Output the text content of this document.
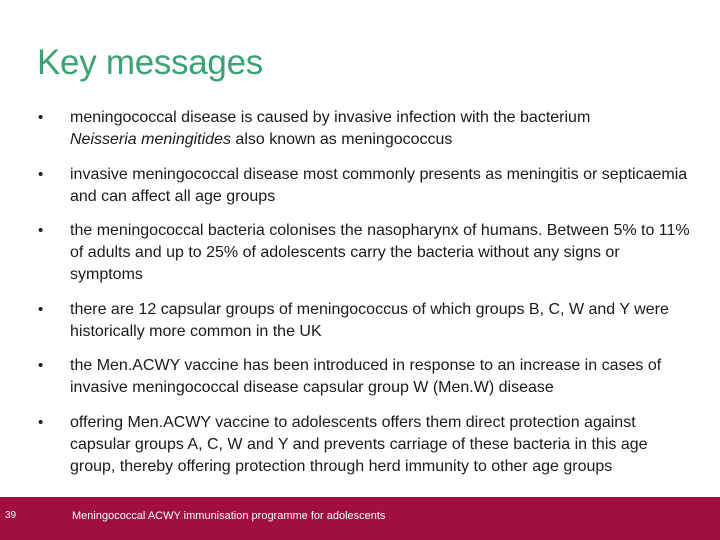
Key messages
•	meningococcal disease is caused by invasive infection with the bacterium
Neisseria meningitides also known as meningococcus
•	invasive meningococcal disease most commonly presents as meningitis or septicaemia and can affect all age groups
•	the meningococcal bacteria colonises the nasopharynx of humans. Between 5% to 11% of adults and up to 25% of adolescents carry the bacteria without any signs or symptoms
•	there are 12 capsular groups of meningococcus of which groups B, C, W and Y were historically more common in the UK
•	the Men.ACWY vaccine has been introduced in response to an increase in cases of invasive meningococcal disease capsular group W (Men.W) disease
•	offering Men.ACWY vaccine to adolescents offers them direct protection against capsular groups A, C, W and Y and prevents carriage of these bacteria in this age group, thereby offering protection through herd immunity to other age groups
39	Meningococcal ACWY immunisation programme for adolescents
